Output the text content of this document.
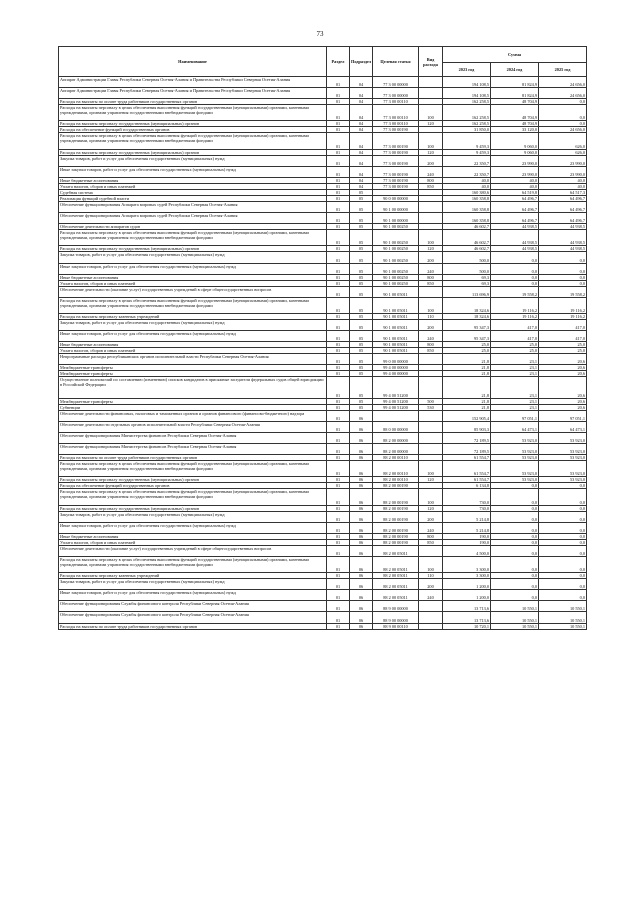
73
Наименование	Раздел	Подраздел	Целевая статья	Вид расхода	Сумма		
					2023 год	2024 год	2025 год
Аппарат Администрации Главы Республики Северная Осетия-Алания и Правительства Республики Северная Осетия-Алания	01	04	77 3 00 00000		194 108,5	81 824,9	24 656,0
Аппарат Администрации Главы Республики Северная Осетия-Алания и Правительства Республики Северная Осетия-Алания	01	04	77 3 00 00000		194 108,5	81 824,9	24 656,0
Расходы на выплаты по оплате труда работников государственных органов	01	04	77 3 00 00110		162 258,5	48 704,9	0,0
Расходы на выплаты персоналу в целях обеспечения выполнения функций государственными (муниципальными) органами, казенными учреждениями, органами управления государственными внебюджетными фондами	01	04	77 3 00 00110	100	162 258,5	48 704,9	0,0
Расходы на выплаты персоналу государственных (муниципальных) органов	01	04	77 3 00 00110	120	162 258,5	48 704,9	0,0
Расходы на обеспечение функций государственных органов	01	04	77 3 00 00190		31 850,0	33 120,0	24 656,0
Расходы на выплаты персоналу в целях обеспечения выполнения функций государственными (муниципальными) органами, казенными учреждениями, органами управления государственными внебюджетными фондами	01	04	77 3 00 00190	100	9 459,3	9 060,0	626,0
Расходы на выплаты персоналу государственных (муниципальных) органов	01	04	77 3 00 00190	120	9 459,3	9 060,0	626,0
Закупка товаров, работ и услуг для обеспечения государственных (муниципальных) нужд	01	04	77 3 00 00190	200	22 350,7	23 990,0	23 990,0
Иные закупки товаров, работ и услуг для обеспечения государственных (муниципальных) нужд	01	04	77 3 00 00190	240	22 350,7	23 990,0	23 990,0
Иные бюджетные ассигнования	01	04	77 3 00 00190	800	40,0	40,0	40,0
Уплата налогов, сборов и иных платежей	01	04	77 3 00 00190	850	40,0	40,0	40,0
Судебная система	01	05			160 380,6	64 519,8	64 517,3
Реализация функций судебной власти	01	05	90 0 00 00000		160 358,8	64 496,7	64 496,7
Обеспечение функционирования Аппарата мировых судей Республики Северная Осетия-Алания	01	05	90 1 00 00000		160 358,8	64 496,7	64 496,7
Обеспечение функционирования Аппарата мировых судей Республики Северная Осетия-Алания	01	05	90 1 00 00000		160 358,8	64 496,7	64 496,7
Обеспечение деятельности аппаратов судов	01	05	90 1 00 00250		46 602,7	44 938,5	44 938,5
Расходы на выплаты персоналу в целях обеспечения выполнения функций государственными (муниципальными) органами, казенными учреждениями, органами управления государственными внебюджетными фондами	01	05	90 1 00 00250	100	46 602,7	44 938,5	44 938,5
Расходы на выплаты персоналу государственных (муниципальных) органов	01	05	90 1 00 00250	120	46 602,7	44 938,5	44 938,5
Закупка товаров, работ и услуг для обеспечения государственных (муниципальных) нужд	01	05	90 1 00 00250	200	500,0	0,0	0,0
Иные закупки товаров, работ и услуг для обеспечения государственных (муниципальных) нужд	01	05	90 1 00 00250	240	500,0	0,0	0,0
Иные бюджетные ассигнования	01	05	90 1 00 00250	800	69,3	0,0	0,0
Уплата налогов, сборов и иных платежей	01	05	90 1 00 00250	850	69,3	0,0	0,0
Обеспечение деятельности (оказание услуг) государственных учреждений в сфере общегосударственных вопросов	01	05	90 1 00 05011		113 696,9	19 558,2	19 558,2
Расходы на выплаты персоналу в целях обеспечения выполнения функций государственными (муниципальными) органами, казенными учреждениями, органами управления государственными внебюджетными фондами	01	05	90 1 00 05011	100	18 324,6	19 116,2	19 116,2
Расходы на выплаты персоналу казенных учреждений	01	05	90 1 00 05011	110	18 324,6	19 116,2	19 116,2
Закупка товаров, работ и услуг для обеспечения государственных (муниципальных) нужд	01	05	90 1 00 05011	200	95 347,3	417,0	417,0
Иные закупки товаров, работ и услуг для обеспечения государственных (муниципальных) нужд	01	05	90 1 00 05011	240	95 347,3	417,0	417,0
Иные бюджетные ассигнования	01	05	90 1 00 05011	800	25,0	25,0	25,0
Уплата налогов, сборов и иных платежей	01	05	90 1 00 05011	850	25,0	25,0	25,0
Непрограммные расходы республиканских органов исполнительной власти Республики Северная Осетия-Алания	01	05	99 0 00 00000		21,8	23,1	20,6
Межбюджетные трансферты	01	05	99 4 00 00000		21,8	23,1	20,6
Межбюджетные трансферты	01	05	99 4 00 00000		21,8	23,1	20,6
Осуществление полномочий по составлению (изменению) списков кандидатов в присяжные заседатели федеральных судов общей юрисдикции в Российской Федерации	01	05	99 4 00 51200		21,8	23,1	20,6
Межбюджетные трансферты	01	05	99 4 00 51200	500	21,8	23,1	20,6
Субвенции	01	05	99 4 00 51200	530	21,8	23,1	20,6
Обеспечение деятельности финансовых, налоговых и таможенных органов и органов финансового (финансово-бюджетного) надзора	01	06			152 905,4	97 051,1	97 051,1
Обеспечение деятельности отдельных органов исполнительной власти Республики Северная Осетия-Алания	01	06	88 0 00 00000		85 903,3	64 473,1	64 473,1
Обеспечение функционирования Министерства финансов Республики Северная Осетия-Алания	01	06	88 2 00 00000		72 189,5	53 923,0	53 923,0
Обеспечение функционирования Министерства финансов Республики Северная Осетия-Алания	01	06	88 2 00 00000		72 189,5	53 923,0	53 923,0
Расходы на выплаты по оплате труда работников государственных органов	01	06	88 2 00 00110		61 554,7	53 923,0	53 923,0
Расходы на выплаты персоналу в целях обеспечения выполнения функций государственными (муниципальными) органами, казенными учреждениями, органами управления государственными внебюджетными фондами	01	06	88 2 00 00110	100	61 554,7	53 923,0	53 923,0
Расходы на выплаты персоналу государственных (муниципальных) органов	01	06	88 2 00 00110	120	61 554,7	53 923,0	53 923,0
Расходы на обеспечение функций государственных органов	01	06	88 2 00 00190		6 134,8	0,0	0,0
Расходы на выплаты персоналу в целях обеспечения выполнения функций государственными (муниципальными) органами, казенными учреждениями, органами управления государственными внебюджетными фондами	01	06	88 2 00 00190	100	730,0	0,0	0,0
Расходы на выплаты персоналу государственных (муниципальных) органов	01	06	88 2 00 00190	120	730,0	0,0	0,0
Закупка товаров, работ и услуг для обеспечения государственных (муниципальных) нужд	01	06	88 2 00 00190	200	5 214,8	0,0	0,0
Иные закупки товаров, работ и услуг для обеспечения государственных (муниципальных) нужд	01	06	88 2 00 00190	240	5 214,8	0,0	0,0
Иные бюджетные ассигнования	01	06	88 2 00 00190	800	190,0	0,0	0,0
Уплата налогов, сборов и иных платежей	01	06	88 2 00 00190	850	190,0	0,0	0,0
Обеспечение деятельности (оказание услуг) государственных учреждений в сфере общегосударственных вопросов	01	06	88 2 00 05011		4 500,0	0,0	0,0
Расходы на выплаты персоналу в целях обеспечения выполнения функций государственными (муниципальными) органами, казенными учреждениями, органами управления государственными внебюджетными фондами	01	06	88 2 00 05011	100	3 300,0	0,0	0,0
Расходы на выплаты персоналу казенных учреждений	01	06	88 2 00 05011	110	3 300,0	0,0	0,0
Закупка товаров, работ и услуг для обеспечения государственных (муниципальных) нужд	01	06	88 2 00 05011	200	1 200,0	0,0	0,0
Иные закупки товаров, работ и услуг для обеспечения государственных (муниципальных) нужд	01	06	88 2 00 05011	240	1 200,0	0,0	0,0
Обеспечение функционирования Службы финансового контроля Республики Северная Осетия-Алания	01	06	88 9 00 00000		13 713,6	10 550,1	10 550,1
Обеспечение функционирования Службы финансового контроля Республики Северная Осетия-Алания	01	06	88 9 00 00000		13 713,6	10 550,1	10 550,1
Расходы на выплаты по оплате труда работников государственных органов	01	06	88 9 00 00110		10 720,1	10 550,1	10 550,1
